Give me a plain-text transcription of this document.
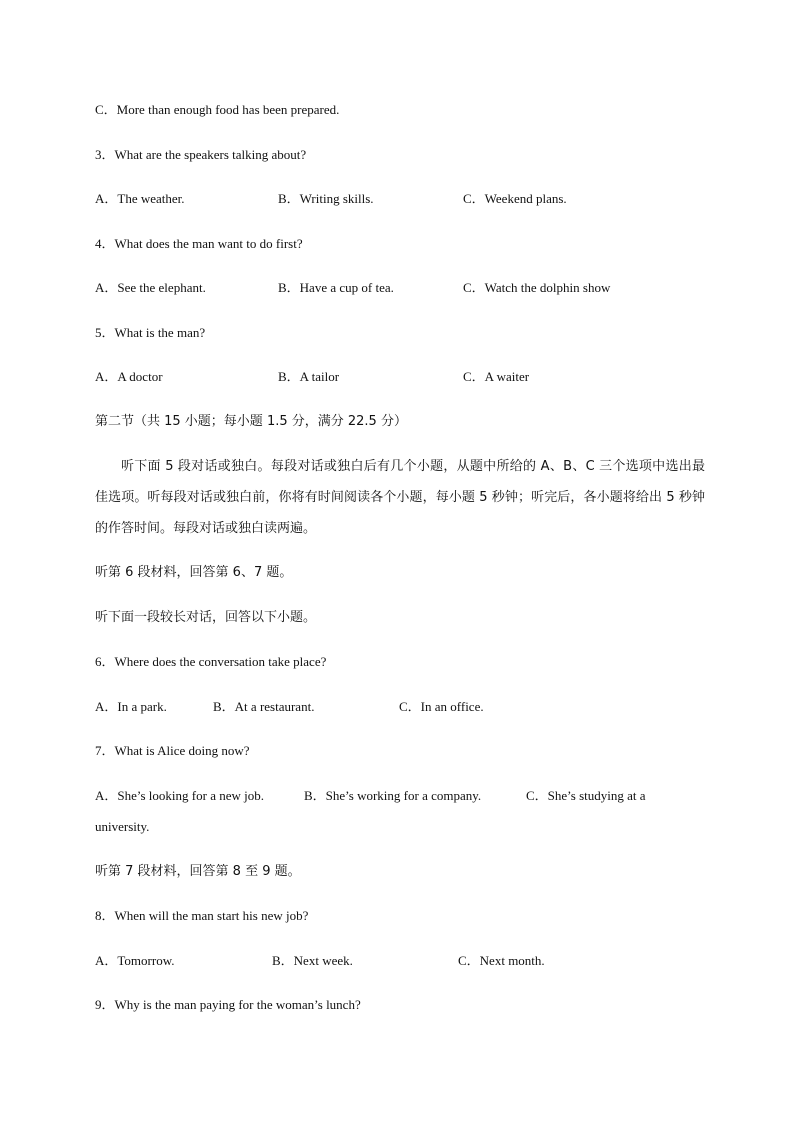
C．More than enough food has been prepared.
3．What are the speakers talking about?
A．The weather.	B．Writing skills.	C．Weekend plans.
4．What does the man want to do first?
A．See the elephant.	B．Have a cup of tea.	C．Watch the dolphin show
5．What is the man?
A．A doctor	B．A tailor	C．A waiter
第二节（共 15 小题；每小题 1.5 分，满分 22.5 分）
听下面 5 段对话或独白。每段对话或独白后有几个小题，从题中所给的 A、B、C 三个选项中选出最佳选项。听每段对话或独白前，你将有时间阅读各个小题，每小题 5 秒钟；听完后，各小题将给出 5 秒钟的作答时间。每段对话或独白读两遍。
听第 6 段材料，回答第 6、7 题。
听下面一段较长对话，回答以下小题。
6．Where does the conversation take place?
A．In a park.	B．At a restaurant.	C．In an office.
7．What is Alice doing now?
A．She’s looking for a new job.	B．She’s working for a company.	C．She’s studying at a
university.
听第 7 段材料，回答第 8 至 9 题。
8．When will the man start his new job?
A．Tomorrow.	B．Next week.	C．Next month.
9．Why is the man paying for the woman’s lunch?
